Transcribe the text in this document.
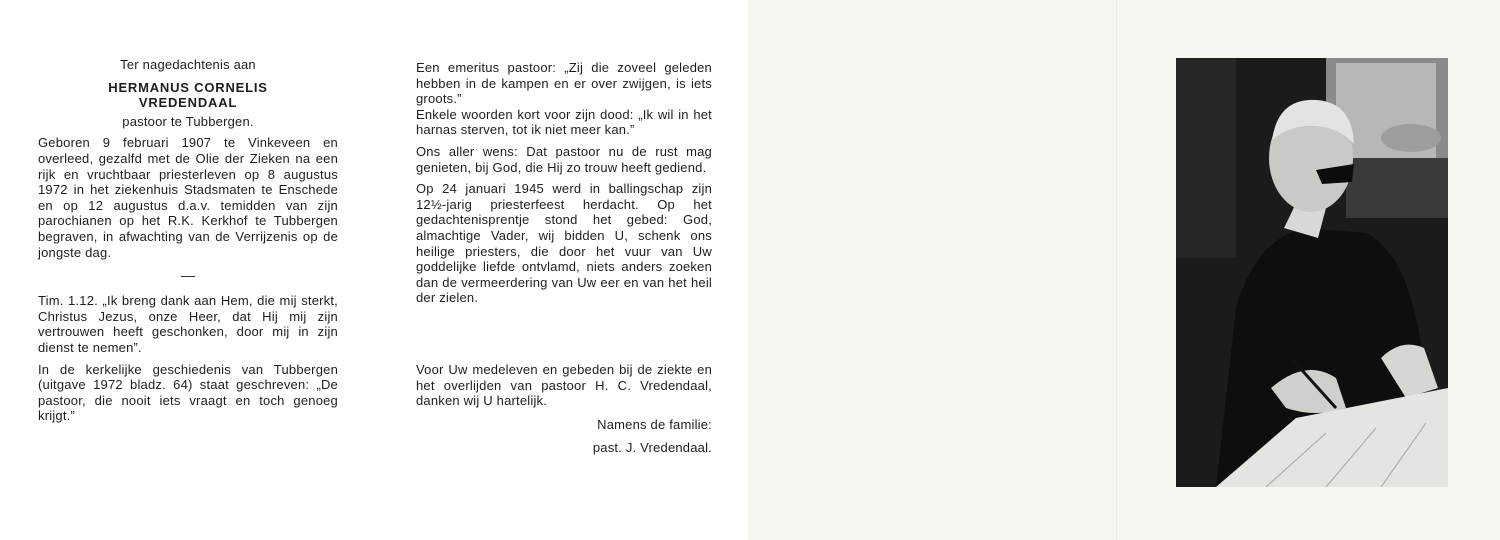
Ter nagedachtenis aan

HERMANUS CORNELIS

VREDENDAAL

pastoor te Tubbergen.

Geboren 9 februari 1907 te Vinkeveen en overleed, gezalfd met de Olie der Zieken na een rijk en vruchtbaar priesterleven op 8 augustus 1972 in het ziekenhuis Stadsmaten te Enschede en op 12 augustus d.a.v. temidden van zijn parochianen op het R.K. Kerkhof te Tubbergen begraven, in afwachting van de Verrijzenis op de jongste dag.

Tim. 1.12. „Ik breng dank aan Hem, die mij sterkt, Christus Jezus, onze Heer, dat Hij mij zijn vertrouwen heeft geschonken, door mij in zijn dienst te nemen”.

In de kerkelijke geschiedenis van Tubbergen (uitgave 1972 bladz. 64) staat geschreven: „De pastoor, die nooit iets vraagt en toch genoeg krijgt.”

Een emeritus pastoor: „Zij die zoveel geleden hebben in de kampen en er over zwijgen, is iets groots.”

Enkele woorden kort voor zijn dood: „Ik wil in het harnas sterven, tot ik niet meer kan.”

Ons aller wens: Dat pastoor nu de rust mag genieten, bij God, die Hij zo trouw heeft gediend.

Op 24 januari 1945 werd in ballingschap zijn 12½-jarig priesterfeest herdacht. Op het gedachtenisprentje stond het gebed: God, almachtige Vader, wij bidden U, schenk ons heilige priesters, die door het vuur van Uw goddelijke liefde ontvlamd, niets anders zoeken dan de vermeerdering van Uw eer en van het heil der zielen.

Voor Uw medeleven en gebeden bij de ziekte en het overlijden van pastoor H. C. Vredendaal, danken wij U hartelijk.

Namens de familie:

past. J. Vredendaal.
